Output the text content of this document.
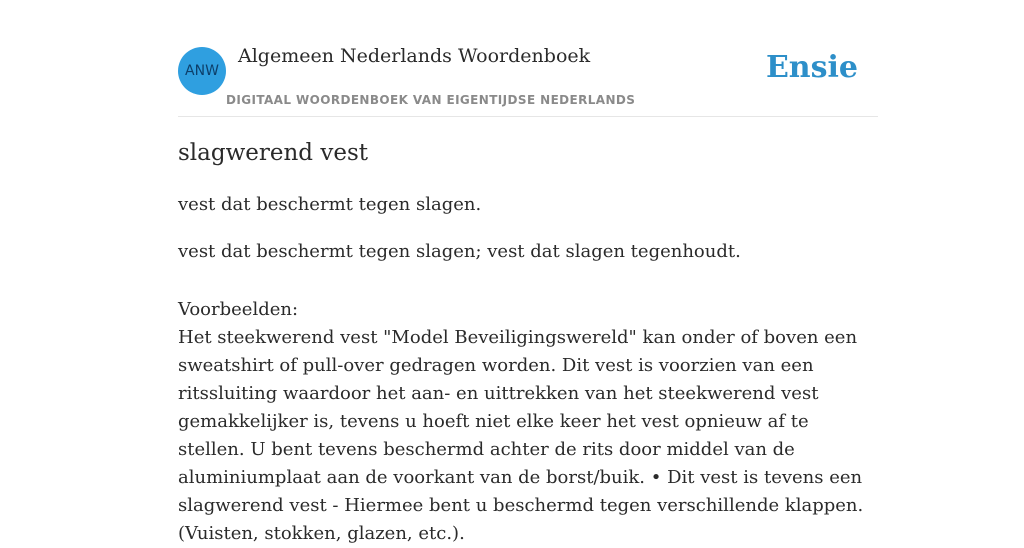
ANW
Algemeen Nederlands Woordenboek
DIGITAAL WOORDENBOEK VAN EIGENTIJDSE NEDERLANDS
Ensie
slagwerend vest
vest dat beschermt tegen slagen.
vest dat beschermt tegen slagen; vest dat slagen tegenhoudt.
Voorbeelden:
Het steekwerend vest "Model Beveiligingswereld" kan onder of boven een sweatshirt of pull-over gedragen worden. Dit vest is voorzien van een ritssluiting waardoor het aan- en uittrekken van het steekwerend vest gemakkelijker is, tevens u hoeft niet elke keer het vest opnieuw af te stellen. U bent tevens beschermd achter de rits door middel van de aluminiumplaat aan de voorkant van de borst/buik. • Dit vest is tevens een slagwerend vest - Hiermee bent u beschermd tegen verschillende klappen. (Vuisten, stokken, glazen, etc.).
